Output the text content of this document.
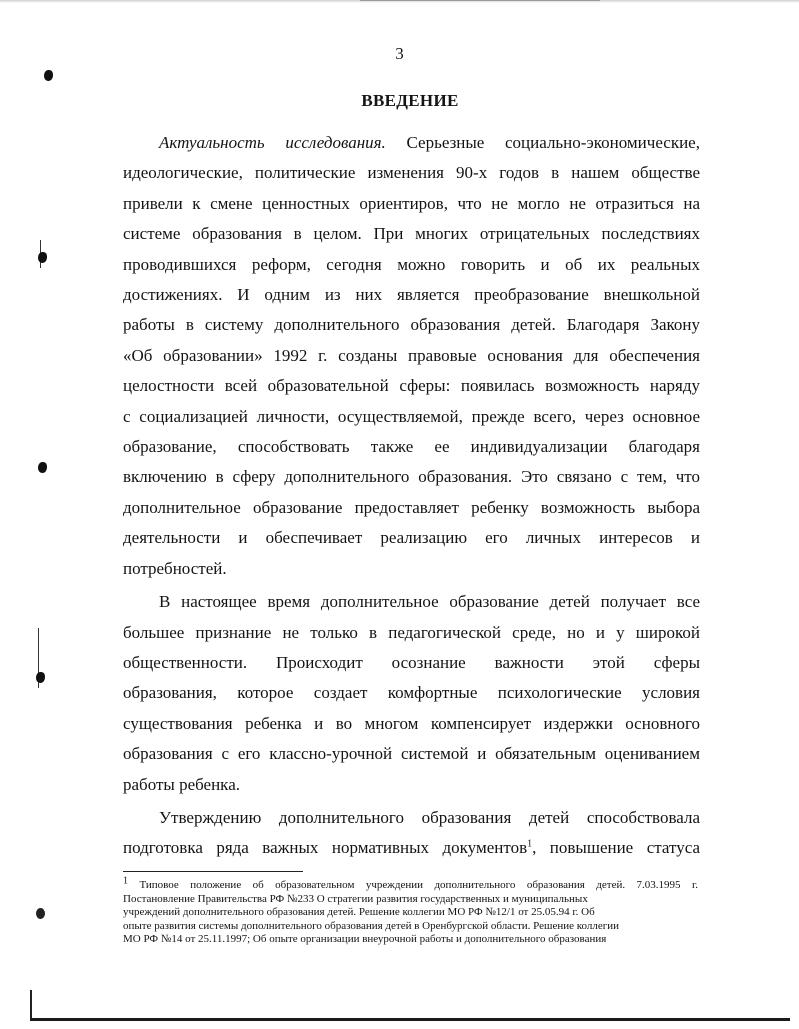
3
ВВЕДЕНИЕ
Актуальность исследования. Серьезные социально-экономические,
идеологические, политические изменения 90-х годов в нашем обществе
привели к смене ценностных ориентиров, что не могло не отразиться на
системе образования в целом. При многих отрицательных последствиях
проводившихся реформ, сегодня можно говорить и об их реальных
достижениях. И одним из них является преобразование внешкольной
работы в систему дополнительного образования детей. Благодаря Закону
«Об образовании» 1992 г. созданы правовые основания для обеспечения
целостности всей образовательной сферы: появилась возможность наряду
с социализацией личности, осуществляемой, прежде всего, через основное
образование, способствовать также ее индивидуализации благодаря
включению в сферу дополнительного образования. Это связано с тем, что
дополнительное образование предоставляет ребенку возможность выбора
деятельности и обеспечивает реализацию его личных интересов и
потребностей.
В настоящее время дополнительное образование детей получает все
большее признание не только в педагогической среде, но и у широкой
общественности. Происходит осознание важности этой сферы
образования, которое создает комфортные психологические условия
существования ребенка и во многом компенсирует издержки основного
образования с его классно-урочной системой и обязательным оцениванием
работы ребенка.
Утверждению дополнительного образования детей способствовала
подготовка ряда важных нормативных документов$^1$, повышение статуса
$^1$ Типовое положение об образовательном учреждении дополнительного образования детей. 7.03.1995 г.
Постановление Правительства РФ №233 О стратегии развития государственных и муниципальных
учреждений дополнительного образования детей. Решение коллегии МО РФ №12/1 от 25.05.94 г. Об
опыте развития системы дополнительного образования детей в Оренбургской области. Решение коллегии
МО РФ №14 от 25.11.1997; Об опыте организации внеурочной работы и дополнительного образования
